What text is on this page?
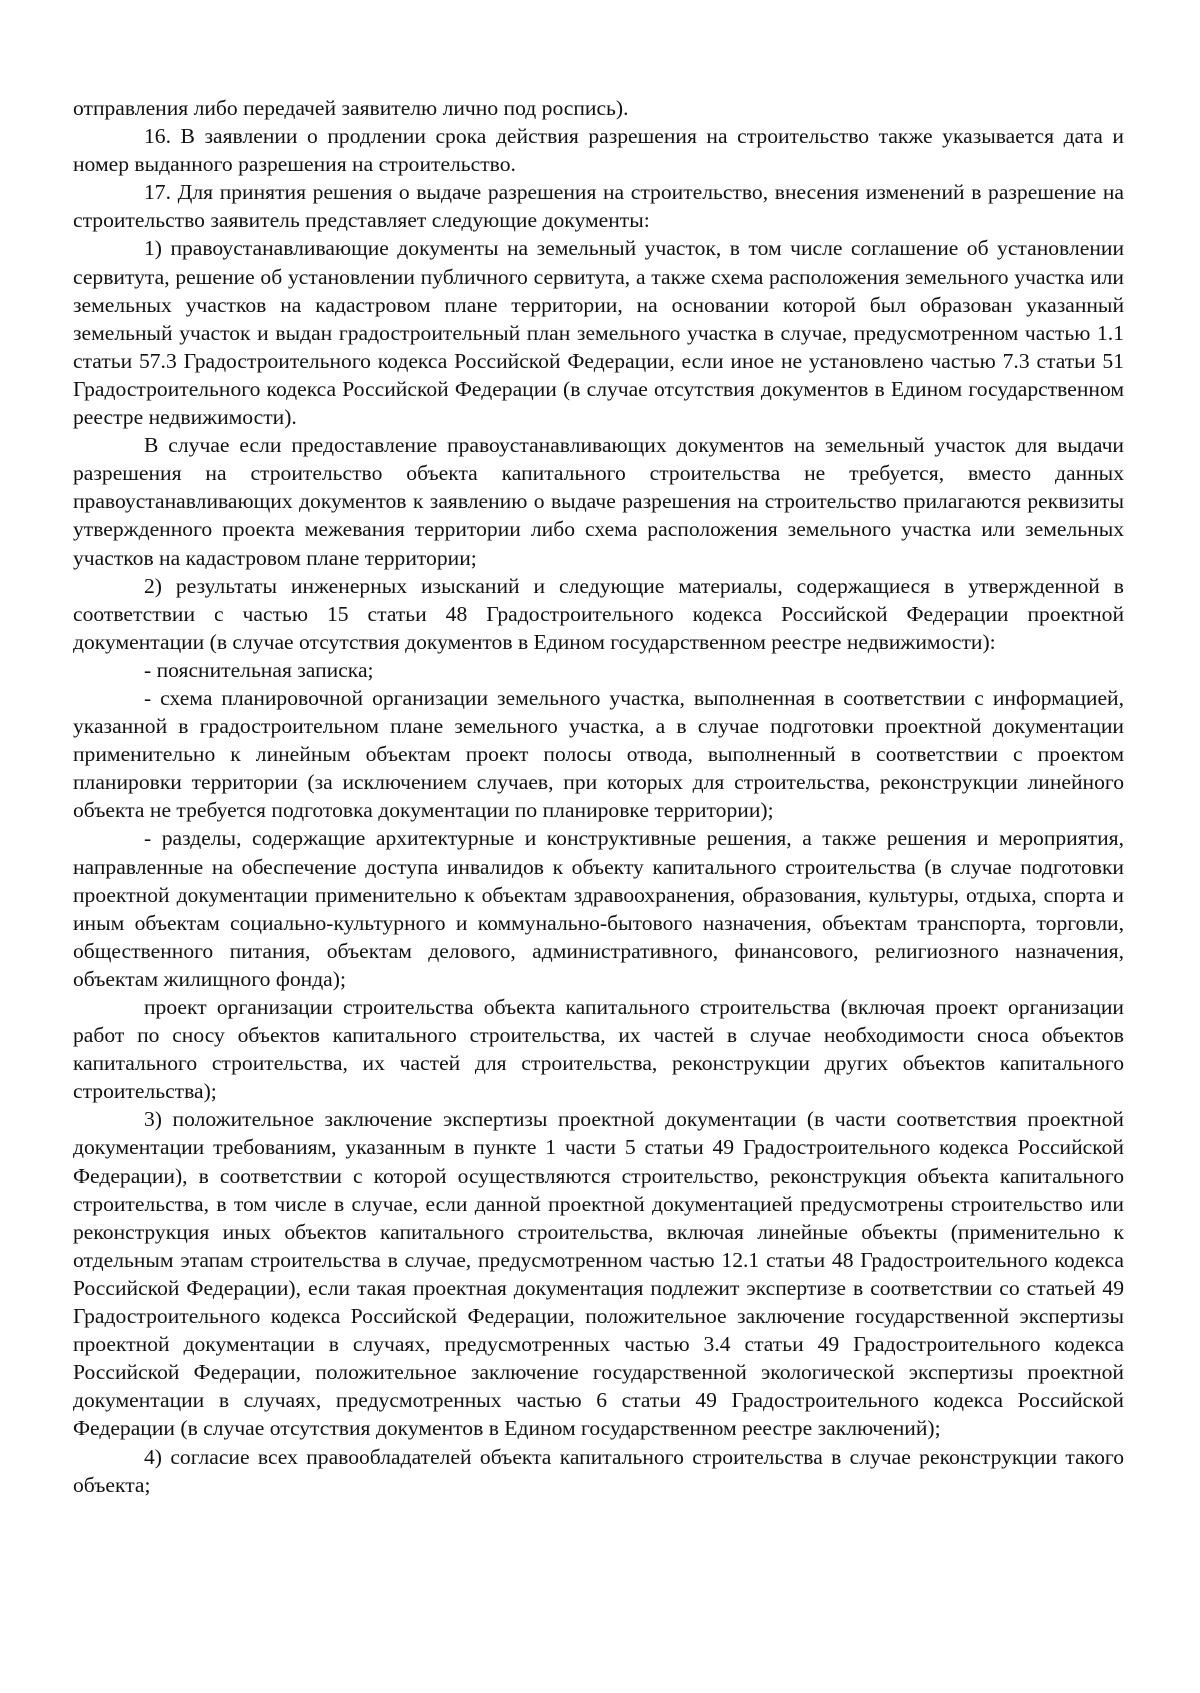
отправления либо передачей заявителю лично под роспись).

16. В заявлении о продлении срока действия разрешения на строительство также указывается дата и номер выданного разрешения на строительство.

17. Для принятия решения о выдаче разрешения на строительство, внесения изменений в разрешение на строительство заявитель представляет следующие документы:

1) правоустанавливающие документы на земельный участок, в том числе соглашение об установлении сервитута, решение об установлении публичного сервитута, а также схема расположения земельного участка или земельных участков на кадастровом плане территории, на основании которой был образован указанный земельный участок и выдан градостроительный план земельного участка в случае, предусмотренном частью 1.1 статьи 57.3 Градостроительного кодекса Российской Федерации, если иное не установлено частью 7.3 статьи 51 Градостроительного кодекса Российской Федерации (в случае отсутствия документов в Едином государственном реестре недвижимости).

В случае если предоставление правоустанавливающих документов на земельный участок для выдачи разрешения на строительство объекта капитального строительства не требуется, вместо данных правоустанавливающих документов к заявлению о выдаче разрешения на строительство прилагаются реквизиты утвержденного проекта межевания территории либо схема расположения земельного участка или земельных участков на кадастровом плане территории;

2) результаты инженерных изысканий и следующие материалы, содержащиеся в утвержденной в соответствии с частью 15 статьи 48 Градостроительного кодекса Российской Федерации проектной документации (в случае отсутствия документов в Едином государственном реестре недвижимости):

- пояснительная записка;

- схема планировочной организации земельного участка, выполненная в соответствии с информацией, указанной в градостроительном плане земельного участка, а в случае подготовки проектной документации применительно к линейным объектам проект полосы отвода, выполненный в соответствии с проектом планировки территории (за исключением случаев, при которых для строительства, реконструкции линейного объекта не требуется подготовка документации по планировке территории);

- разделы, содержащие архитектурные и конструктивные решения, а также решения и мероприятия, направленные на обеспечение доступа инвалидов к объекту капитального строительства (в случае подготовки проектной документации применительно к объектам здравоохранения, образования, культуры, отдыха, спорта и иным объектам социально-культурного и коммунально-бытового назначения, объектам транспорта, торговли, общественного питания, объектам делового, административного, финансового, религиозного назначения, объектам жилищного фонда);

проект организации строительства объекта капитального строительства (включая проект организации работ по сносу объектов капитального строительства, их частей в случае необходимости сноса объектов капитального строительства, их частей для строительства, реконструкции других объектов капитального строительства);

3) положительное заключение экспертизы проектной документации (в части соответствия проектной документации требованиям, указанным в пункте 1 части 5 статьи 49 Градостроительного кодекса Российской Федерации), в соответствии с которой осуществляются строительство, реконструкция объекта капитального строительства, в том числе в случае, если данной проектной документацией предусмотрены строительство или реконструкция иных объектов капитального строительства, включая линейные объекты (применительно к отдельным этапам строительства в случае, предусмотренном частью 12.1 статьи 48 Градостроительного кодекса Российской Федерации), если такая проектная документация подлежит экспертизе в соответствии со статьей 49 Градостроительного кодекса Российской Федерации, положительное заключение государственной экспертизы проектной документации в случаях, предусмотренных частью 3.4 статьи 49 Градостроительного кодекса Российской Федерации, положительное заключение государственной экологической экспертизы проектной документации в случаях, предусмотренных частью 6 статьи 49 Градостроительного кодекса Российской Федерации (в случае отсутствия документов в Едином государственном реестре заключений);

4) согласие всех правообладателей объекта капитального строительства в случае реконструкции такого объекта;
